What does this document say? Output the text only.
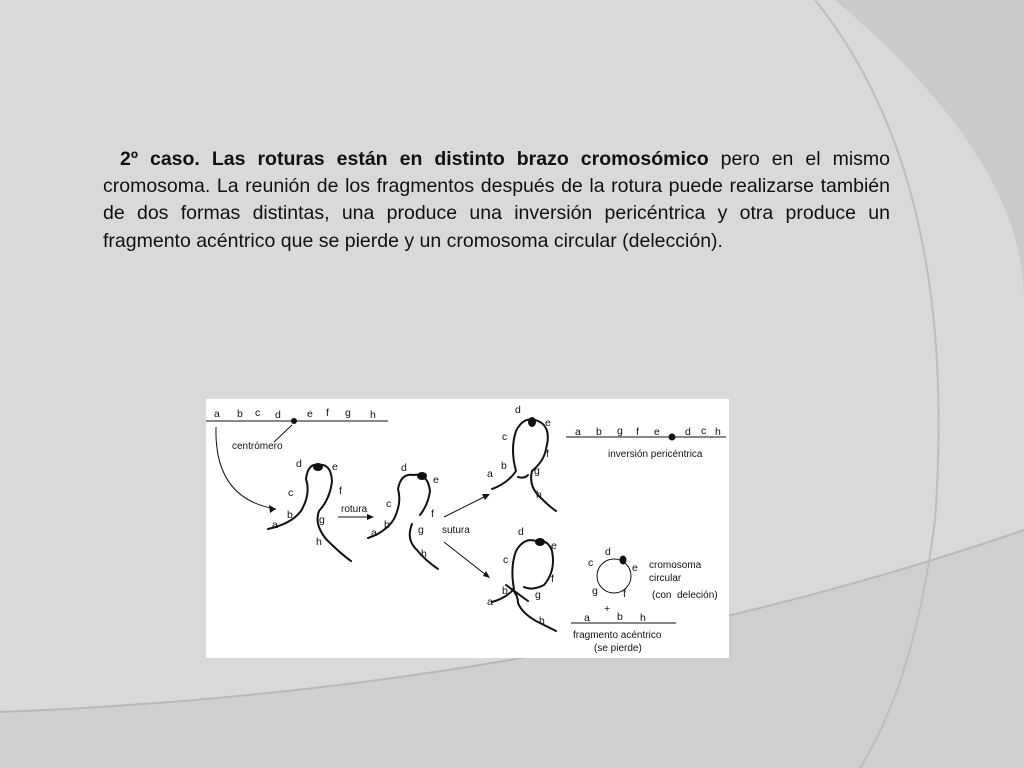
2º caso. Las roturas están en distinto brazo cromosómico pero en el mismo cromosoma. La reunión de los fragmentos después de la rotura puede realizarse también de dos formas distintas, una produce una inversión pericéntrica y otra produce un fragmento acéntrico que se pierde y un cromosoma circular (delección).

a b c d e f g h
centrómero
d	e
c	f
b g
a
h
rotura
d
e
c
f
b	g
a
h
sutura
d
e
c
f
b	g
a
h
a b g f e d c h
inversión pericéntrica
d
e
c
f
b	g
a
h
d
e
c
g f
cromosoma
circular
(con deleción)
+
a	b h
fragmento acéntrico
(se pierde)
